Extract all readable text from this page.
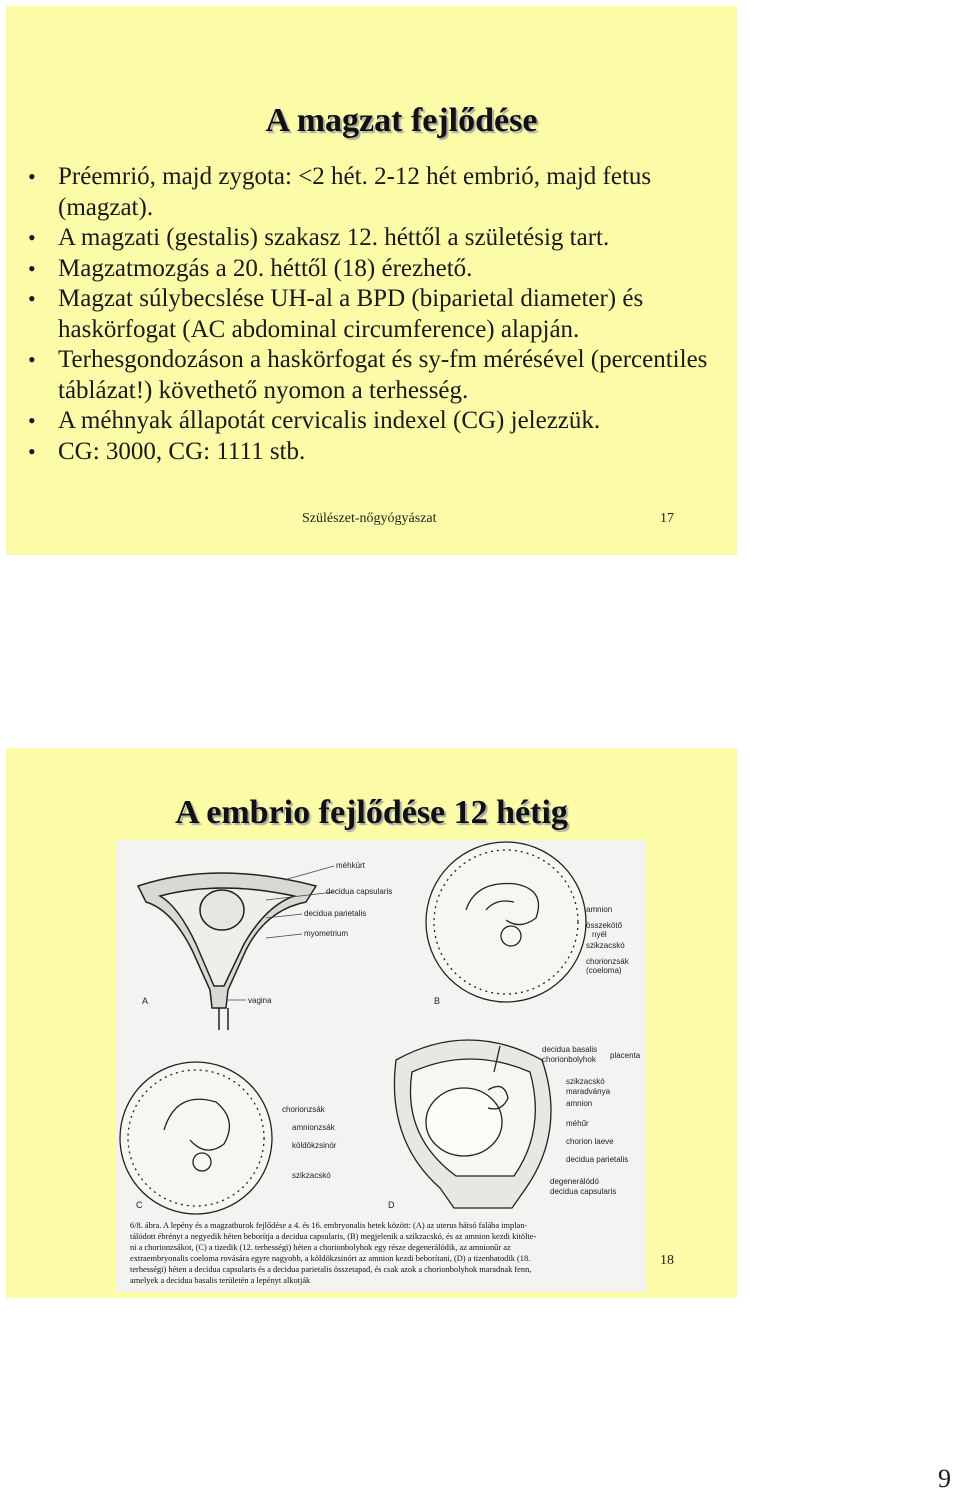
A magzat fejlődése
• Préemrió, majd zygota: <2 hét. 2-12 hét embrió, majd fetus (magzat).
• A magzati (gestalis) szakasz 12. héttől a születésig tart.
• Magzatmozgás a 20. héttől (18) érezhető.
• Magzat súlybecslése UH-al a BPD (biparietal diameter) és haskörfogat (AC abdominal circumference) alapján.
• Terhesgondozáson a haskörfogat és sy-fm mérésével (percentiles táblázat!) követhető nyomon a terhesség.
• A méhnyak állapotát cervicalis indexel (CG) jelezzük.
• CG: 3000, CG: 1111 stb.
Szülészet-nőgyógyászat	17
A embrio fejlődése 12 hétig
méhkürt
decidua capsularis
decidua parietalis
myometrium
vagina
A
amnion
összekötő
nyél
szikzacskó
chorionzsák
(coeloma)
B
chorionzsák
amnionzsák
köldökzsinór
szikzacskó
C
decidua basalis
chorionbolyhok placenta
szikzacskó
maradványa
amnion
méhűr
chorion laeve
decidua parietalis
degenerálódó
decidua capsularis
D
6/8. ábra. A lepény és a magzatburok fejlődése a 4. és 16. embryonalis hetek között: (A) az uterus hátsó falába implan-
tálódott ébrényt a negyedik héten beborítja a decidua capsularis, (B) megjelenik a szikzacskó, és az amnion kezdi kitölte-
ni a chorionzsákot, (C) a tizedik (12. terhességi) héten a chorionbolyhok egy része degenerálódik, az amnionűr az
extraembryonalis coeloma rovására egyre nagyobb, a köldökzsinórt az amnion kezdi beborítani, (D) a tizenhatodik (18.
terhességi) héten a decidua capsularis és a decidua parietalis összetapad, és csak azok a chorionbolyhok maradnak fenn,
amelyek a decidua basalis területén a lepényt alkotják
18
9
